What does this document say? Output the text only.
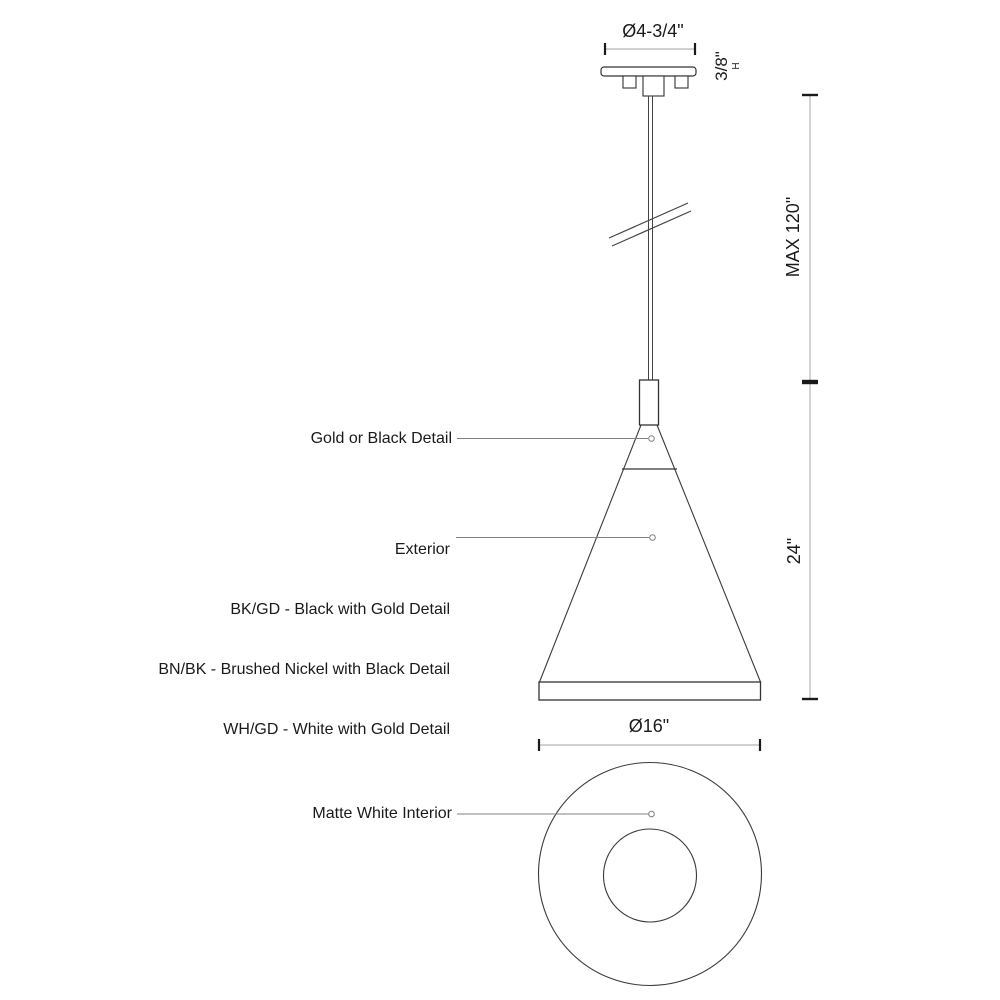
Ø4-3/4"
3/8" H
MAX 120"
24"
Ø16"
Gold or Black Detail

Exterior

BK/GD - Black with Gold Detail

BN/BK - Brushed Nickel with Black Detail

WH/GD - White with Gold Detail

Matte White Interior
